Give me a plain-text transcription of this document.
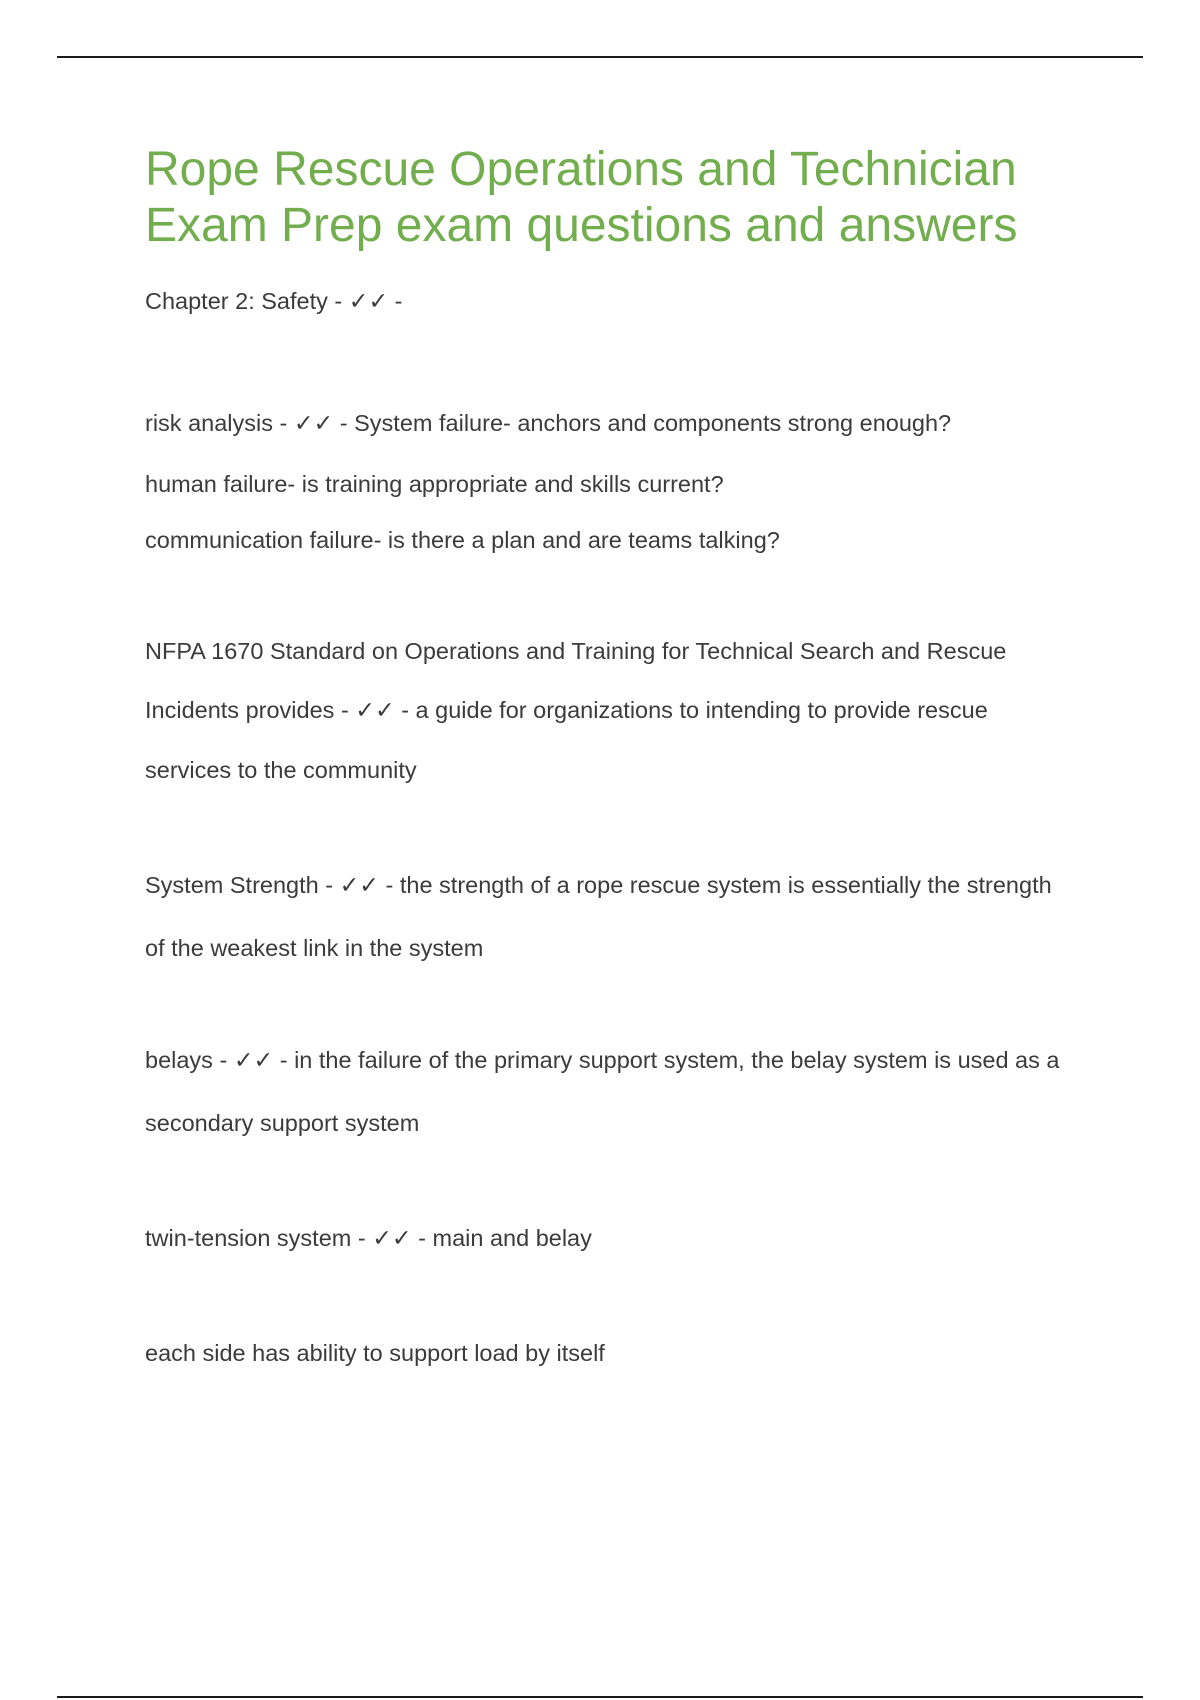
Rope Rescue Operations and Technician
Exam Prep exam questions and answers

Chapter 2: Safety - ✓✓ -

risk analysis - ✓✓ - System failure- anchors and components strong enough?

human failure- is training appropriate and skills current?

communication failure- is there a plan and are teams talking?

NFPA 1670 Standard on Operations and Training for Technical Search and Rescue

Incidents provides - ✓✓ - a guide for organizations to intending to provide rescue

services to the community

System Strength - ✓✓ - the strength of a rope rescue system is essentially the strength

of the weakest link in the system

belays - ✓✓ - in the failure of the primary support system, the belay system is used as a

secondary support system

twin-tension system - ✓✓ - main and belay

each side has ability to support load by itself
